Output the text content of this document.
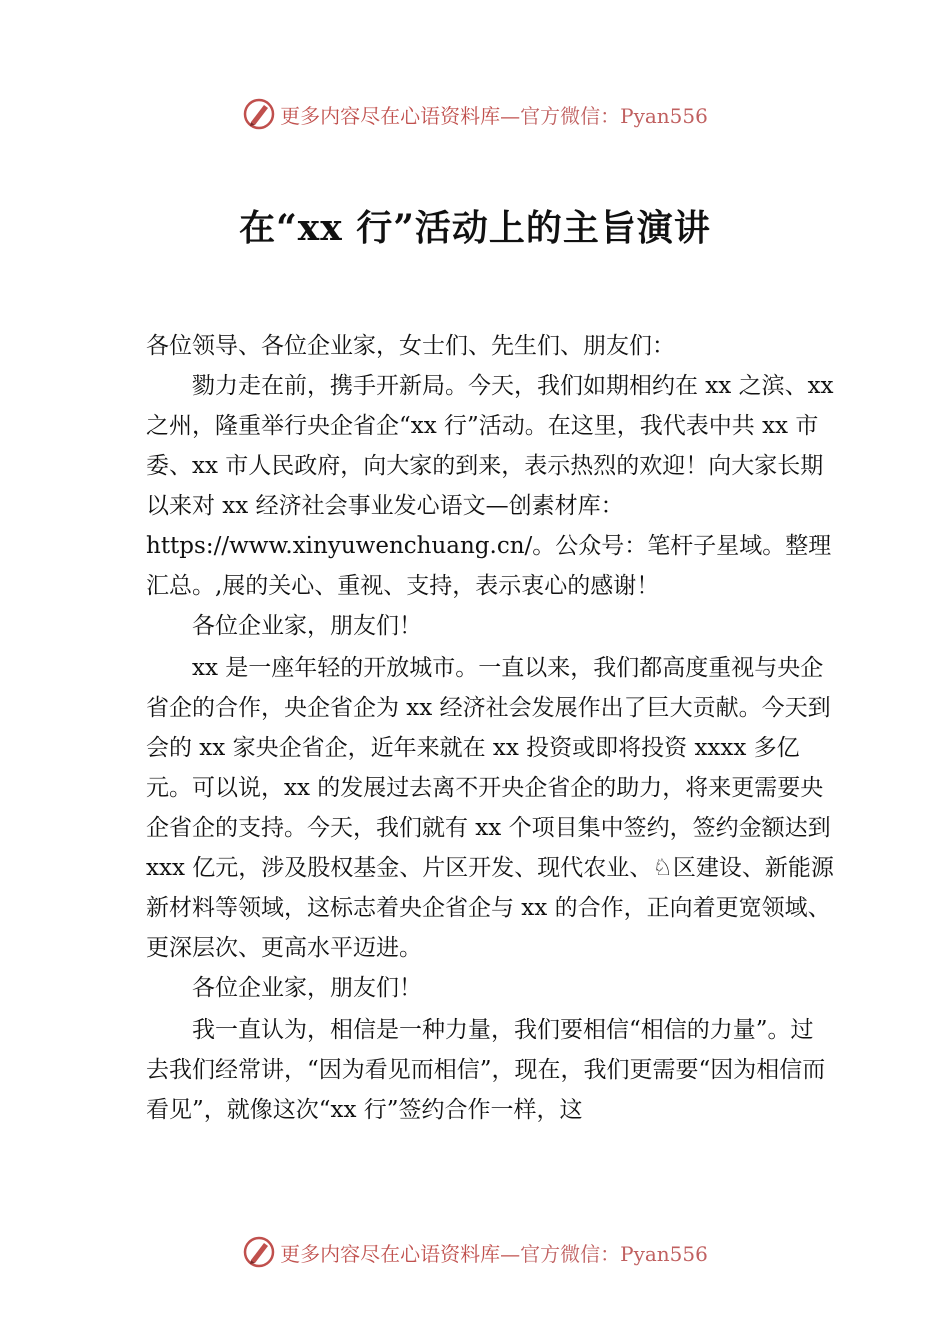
更多内容尽在心语资料库—官方微信：Pyan556
在“xx 行”活动上的主旨演讲

各位领导、各位企业家，女士们、先生们、朋友们：

勠力走在前，携手开新局。今天，我们如期相约在 xx 之滨、xx 之州，隆重举行央企省企“xx 行”活动。在这里，我代表中共 xx 市委、xx 市人民政府，向大家的到来，表示热烈的欢迎！向大家长期以来对 xx 经济社会事业发心语文—创素材库：https://www.xinyuwenchuang.cn/。公众号：笔杆子星域。整理汇总。,展的关心、重视、支持，表示衷心的感谢！

各位企业家，朋友们！

xx 是一座年轻的开放城市。一直以来，我们都高度重视与央企省企的合作，央企省企为 xx 经济社会发展作出了巨大贡献。今天到会的 xx 家央企省企，近年来就在 xx 投资或即将投资 xxxx 多亿元。可以说，xx 的发展过去离不开央企省企的助力，将来更需要央企省企的支持。今天，我们就有 xx 个项目集中签约，签约金额达到 xxx 亿元，涉及股权基金、片区开发、现代农业、♘区建设、新能源新材料等领域，这标志着央企省企与 xx 的合作，正向着更宽领域、更深层次、更高水平迈进。

各位企业家，朋友们！

我一直认为，相信是一种力量，我们要相信“相信的力量”。过去我们经常讲，“因为看见而相信”，现在，我们更需要“因为相信而看见”，就像这次“xx 行”签约合作一样，这

更多内容尽在心语资料库—官方微信：Pyan556
